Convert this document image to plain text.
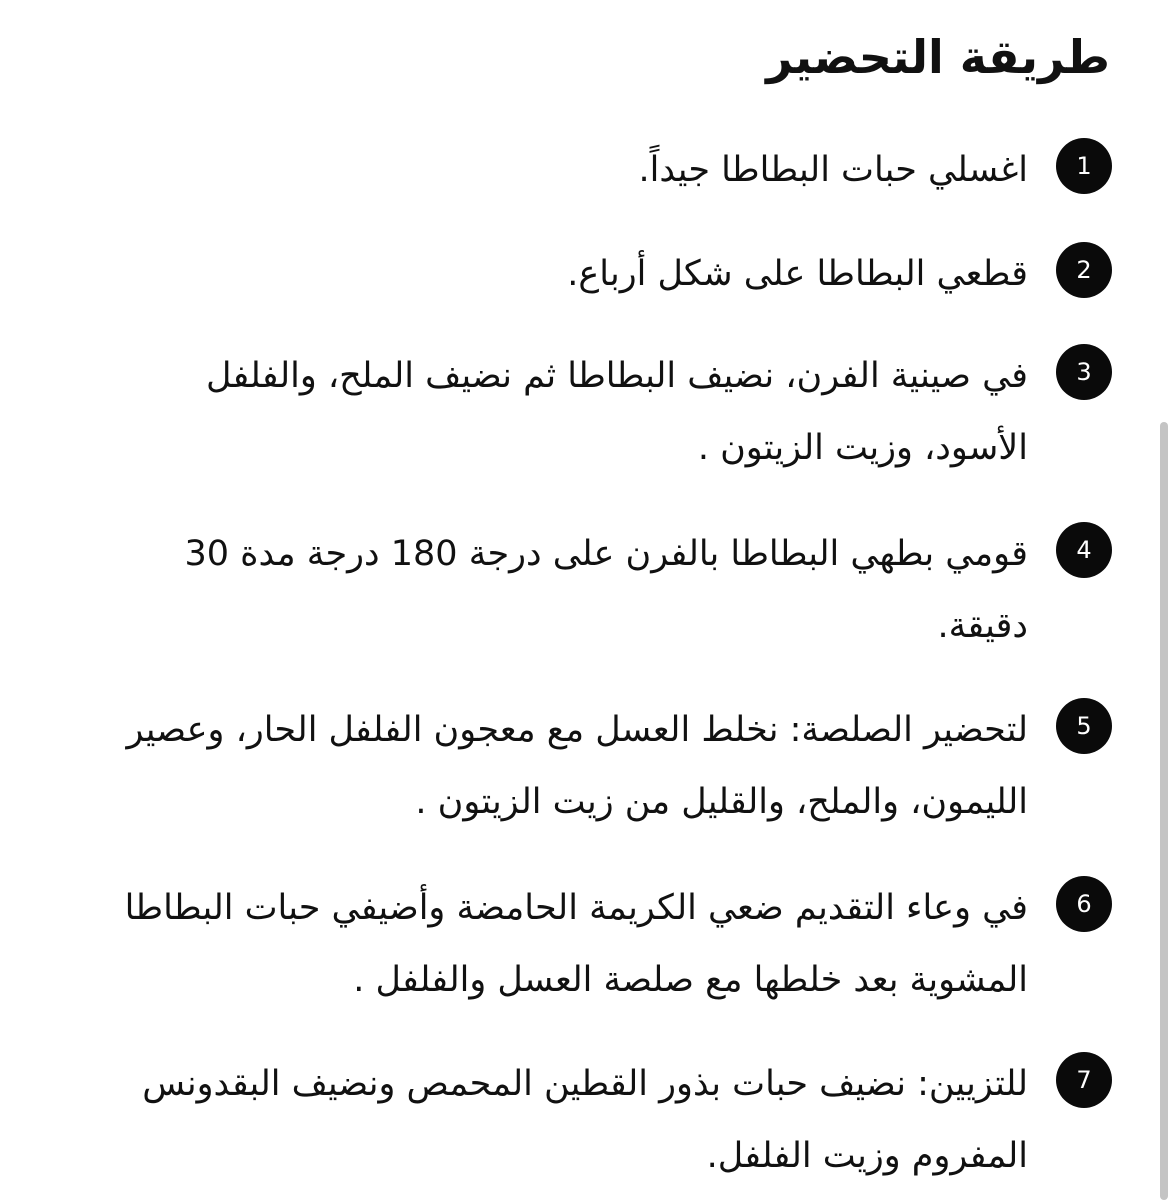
طريقة التحضير
1
اغسلي حبات البطاطا جيداً.
2
قطعي البطاطا على شكل أرباع.
3
في صينية الفرن، نضيف البطاطا ثم نضيف الملح، والفلفل الأسود، وزيت الزيتون .
4
قومي بطهي البطاطا بالفرن على درجة 180 درجة مدة 30 دقيقة.
5
لتحضير الصلصة: نخلط العسل مع معجون الفلفل الحار، وعصير الليمون، والملح، والقليل من زيت الزيتون .
6
في وعاء التقديم ضعي الكريمة الحامضة وأضيفي حبات البطاطا المشوية بعد خلطها مع صلصة العسل والفلفل .
7
للتزيين: نضيف حبات بذور القطين المحمص ونضيف البقدونس المفروم وزيت الفلفل.
